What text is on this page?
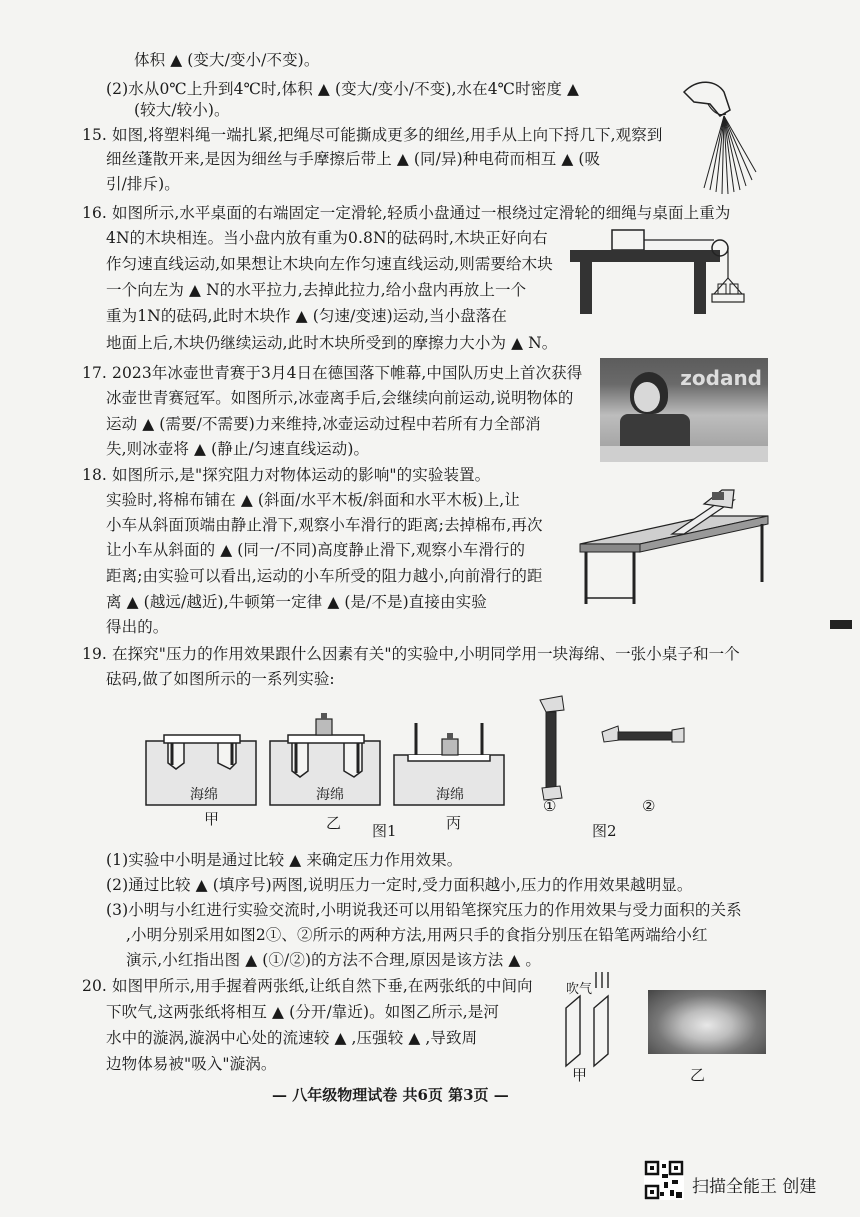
体积 ▲ (变大/变小/不变)。
(2)水从0℃上升到4℃时,体积 ▲ (变大/变小/不变),水在4℃时密度 ▲
(较大/较小)。
15. 如图,将塑料绳一端扎紧,把绳尽可能撕成更多的细丝,用手从上向下捋几下,观察到
细丝蓬散开来,是因为细丝与手摩擦后带上 ▲ (同/异)种电荷而相互 ▲ (吸
引/排斥)。
16. 如图所示,水平桌面的右端固定一定滑轮,轻质小盘通过一根绕过定滑轮的细绳与桌面上重为
4N的木块相连。当小盘内放有重为0.8N的砝码时,木块正好向右
作匀速直线运动,如果想让木块向左作匀速直线运动,则需要给木块
一个向左为 ▲ N的水平拉力,去掉此拉力,给小盘内再放上一个
重为1N的砝码,此时木块作 ▲ (匀速/变速)运动,当小盘落在
地面上后,木块仍继续运动,此时木块所受到的摩擦力大小为 ▲ N。
17. 2023年冰壶世青赛于3月4日在德国落下帷幕,中国队历史上首次获得
冰壶世青赛冠军。如图所示,冰壶离手后,会继续向前运动,说明物体的
运动 ▲ (需要/不需要)力来维持,冰壶运动过程中若所有力全部消
失,则冰壶将 ▲ (静止/匀速直线运动)。
18. 如图所示,是"探究阻力对物体运动的影响"的实验装置。
实验时,将棉布铺在 ▲ (斜面/水平木板/斜面和水平木板)上,让
小车从斜面顶端由静止滑下,观察小车滑行的距离;去掉棉布,再次
让小车从斜面的 ▲ (同一/不同)高度静止滑下,观察小车滑行的
距离;由实验可以看出,运动的小车所受的阻力越小,向前滑行的距
离 ▲ (越远/越近),牛顿第一定律 ▲ (是/不是)直接由实验
得出的。
19. 在探究"压力的作用效果跟什么因素有关"的实验中,小明同学用一块海绵、一张小桌子和一个
砝码,做了如图所示的一系列实验:
(1)实验中小明是通过比较 ▲ 来确定压力作用效果。
(2)通过比较 ▲ (填序号)两图,说明压力一定时,受力面积越小,压力的作用效果越明显。
(3)小明与小红进行实验交流时,小明说我还可以用铅笔探究压力的作用效果与受力面积的关系
,小明分别采用如图2①、②所示的两种方法,用两只手的食指分别压在铅笔两端给小红
演示,小红指出图 ▲ (①/②)的方法不合理,原因是该方法 ▲ 。
20. 如图甲所示,用手握着两张纸,让纸自然下垂,在两张纸的中间向
下吹气,这两张纸将相互 ▲ (分开/靠近)。如图乙所示,是河
水中的漩涡,漩涡中心处的流速较 ▲ ,压强较 ▲ ,导致周
边物体易被"吸入"漩涡。
zodand
海绵	海绵	海绵
甲	乙	丙
图1
①	②
图2
吹气
甲	乙
— 八年级物理试卷 共6页 第3页 —
扫描全能王 创建
